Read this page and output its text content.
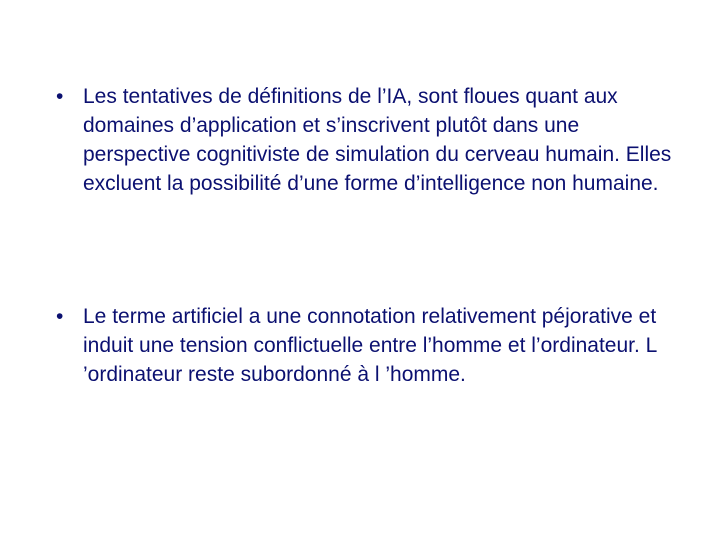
• Les tentatives de définitions de l’IA, sont floues quant aux domaines d’application et s’inscrivent plutôt dans une perspective cognitiviste de simulation du cerveau humain. Elles excluent la possibilité d’une forme d’intelligence non humaine.
• Le terme artificiel a une connotation relativement péjorative et induit une tension conflictuelle entre l’homme et l’ordinateur. L ’ordinateur reste subordonné à l ’homme.
